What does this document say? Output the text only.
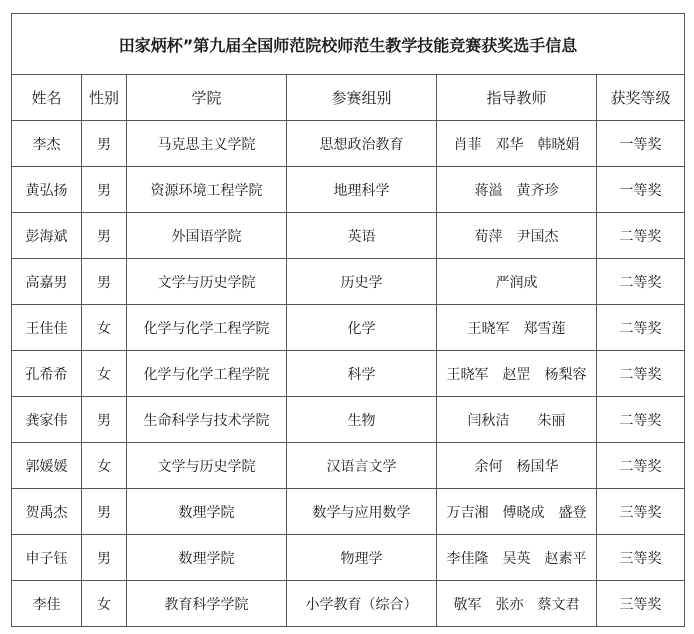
田家炳杯”第九届全国师范院校师范生教学技能竞赛获奖选手信息					
姓名	性别	学院	参赛组别	指导教师	获奖等级
李杰	男	马克思主义学院	思想政治教育	肖菲　邓华　韩晓娟	一等奖
黄弘扬	男	资源环境工程学院	地理科学	蒋溢　黄齐珍	一等奖
彭海斌	男	外国语学院	英语	荀萍　尹国杰	二等奖
高嘉男	男	文学与历史学院	历史学	严润成	二等奖
王佳佳	女	化学与化学工程学院	化学	王晓军　郑雪莲	二等奖
孔希希	女	化学与化学工程学院	科学	王晓军　赵罡　杨梨容	二等奖
龚家伟	男	生命科学与技术学院	生物	闫秋洁　　朱丽	二等奖
郭媛媛	女	文学与历史学院	汉语言文学	余何　杨国华	二等奖
贺禹杰	男	数理学院	数学与应用数学	万吉湘　傅晓成　盛登	三等奖
申子钰	男	数理学院	物理学	李佳隆　吴英　赵素平	三等奖
李佳	女	教育科学学院	小学教育（综合）	敬军　张亦　蔡文君	三等奖
